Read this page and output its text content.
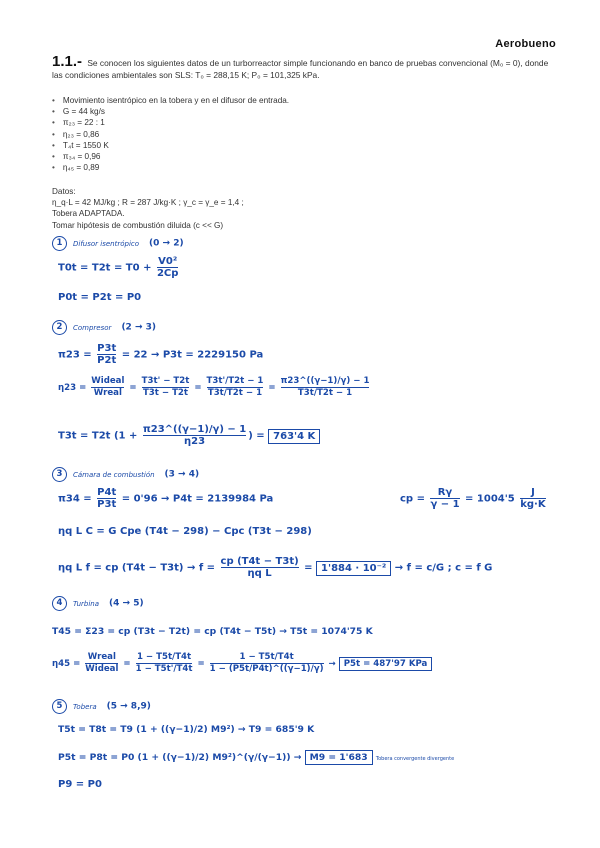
Aerobueno
1.1.- Se conocen los siguientes datos de un turborreactor simple funcionando en banco de pruebas convencional (M₀ = 0), donde las condiciones ambientales son SLS: T₀ = 288,15 K; P₀ = 101,325 kPa.
• Movimiento isentrópico en la tobera y en el difusor de entrada.
• G = 44 kg/s
• π₂₃ = 22 : 1
• η₂₃ = 0,86
• T₄t = 1550 K
• π₃₄ = 0,96
• η₄₅ = 0,89
Datos:
η_q·L = 42 MJ/kg ; R = 287 J/kg·K ; γ_c = γ_e = 1,4 ;
Tobera ADAPTADA.
Tomar hipótesis de combustión diluida (c << G)
1 Difusor isentrópico (0 → 2)
$T0t = T2t = T0 + \frac{\text{V0²}}{2Cp}$
P0t = P2t = P0
2 Compresor (2 → 3)
$\pi 23 = \frac{P3t}{P2t} = 22 \to P3t = 2229150$ Pa
$\eta 23 = \frac{\text{Wideal}}{\text{Wreal}} = \frac{T3t' - T2t}{T3t - T2t} = \frac{T3t'/T2t - 1}{T3t/T2t - 1} = \frac{\pi 23\^{}((\gamma-1)/\gamma) - 1}{T3t/T2t - 1}$
T3t = T2t ($1 + \frac{\pi 23\^{}((\gamma-1)/\gamma) - 1}{\eta 23}$ ) = 763'4 K
3 Cámara de combustión (3 → 4)
$\pi 34 = \frac{P4t}{P3t} = 0'96 \to P4t = 2139984$ Pa	cp = $\frac{R\gamma}{\gamma - 1} = 1004'5 \frac{J}{kg\cdot K}$
ηq L C = G Cpe (T4t − 298) − Cpc (T3t − 298)
ηq L f = cp $(T4t - T3t) \to f = \frac{cp (T4t - T3t)}{\text{ηq L}} = 1'884 \cdot 10^{-2} \to f = c/G$ ; c = f G
4 Turbina (4 → 5)
T45 = Σ23 = cp (T3t − T2t) = cp (T4t − T5t) → T5t = 1074'75 K
$\eta 45 = \frac{\text{Wreal}}{\text{Wideal}} = \frac{1 - T5t/T4t}{1 - T5t'/T4t} = \frac{1 - T5t/T4t}{1 - (P5t/P4t)\^{}((\gamma-1)/\gamma)} \to P5t = 487'97$ KPa
5 Tobera (5 → 8,9)
T5t = T8t = T9 (1 + ((γ−1)/2) M9²) → T9 = 685'9 K
P5t = P8t = P0 (1 + ((γ−1)/2) M9²)^(γ/(γ−1)) → M9 = 1'683 Tobera convergente divergente
P9 = P0
